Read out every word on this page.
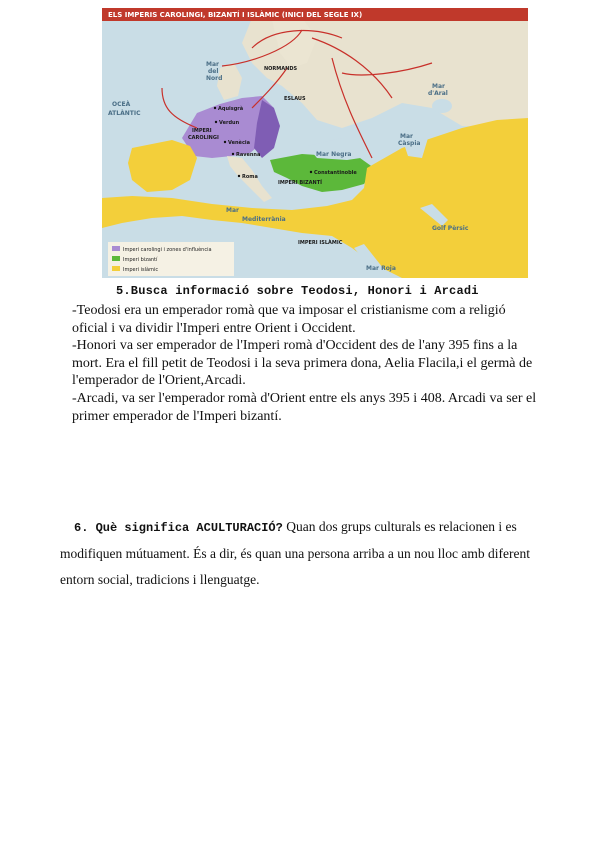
ELS IMPERIS CAROLINGI, BIZANTÍ I ISLÀMIC (INICI DEL SEGLE IX)
OCEÀ
ATLÀNTIC
Mar
del
Nord
NORMANDS
ESLAUS
Mar
d'Aral
Mar
Càspia
Mar Negra
Aquisgrà
Verdun
IMPERI
CAROLINGI
Venècia
Ravenna
Roma
Constantinoble
IMPERI BIZANTÍ
Mar
Mediterrània
IMPERI ISLÀMIC
Golf Pèrsic
Mar Roja
Imperi carolingi i zones d'influència
Imperi bizantí
Imperi islàmic
5.Busca informació sobre Teodosi, Honori i Arcadi

-Teodosi era un emperador romà que va imposar el cristianisme com a religió oficial i va dividir l'Imperi entre Orient i Occident.

-Honori va ser emperador de l'Imperi romà d'Occident des de l'any 395 fins a la mort. Era el fill petit de Teodosi i la seva primera dona, Aelia Flacila,i el germà de l'emperador de l'Orient,Arcadi.

-Arcadi, va ser l'emperador romà d'Orient entre els anys 395 i 408. Arcadi va ser el primer emperador de l'Imperi bizantí.

6. Què significa ACULTURACIÓ? Quan dos grups culturals es relacionen i es modifiquen mútuament. És a dir, és quan una persona arriba a un nou lloc amb diferent entorn social, tradicions i llenguatge.
